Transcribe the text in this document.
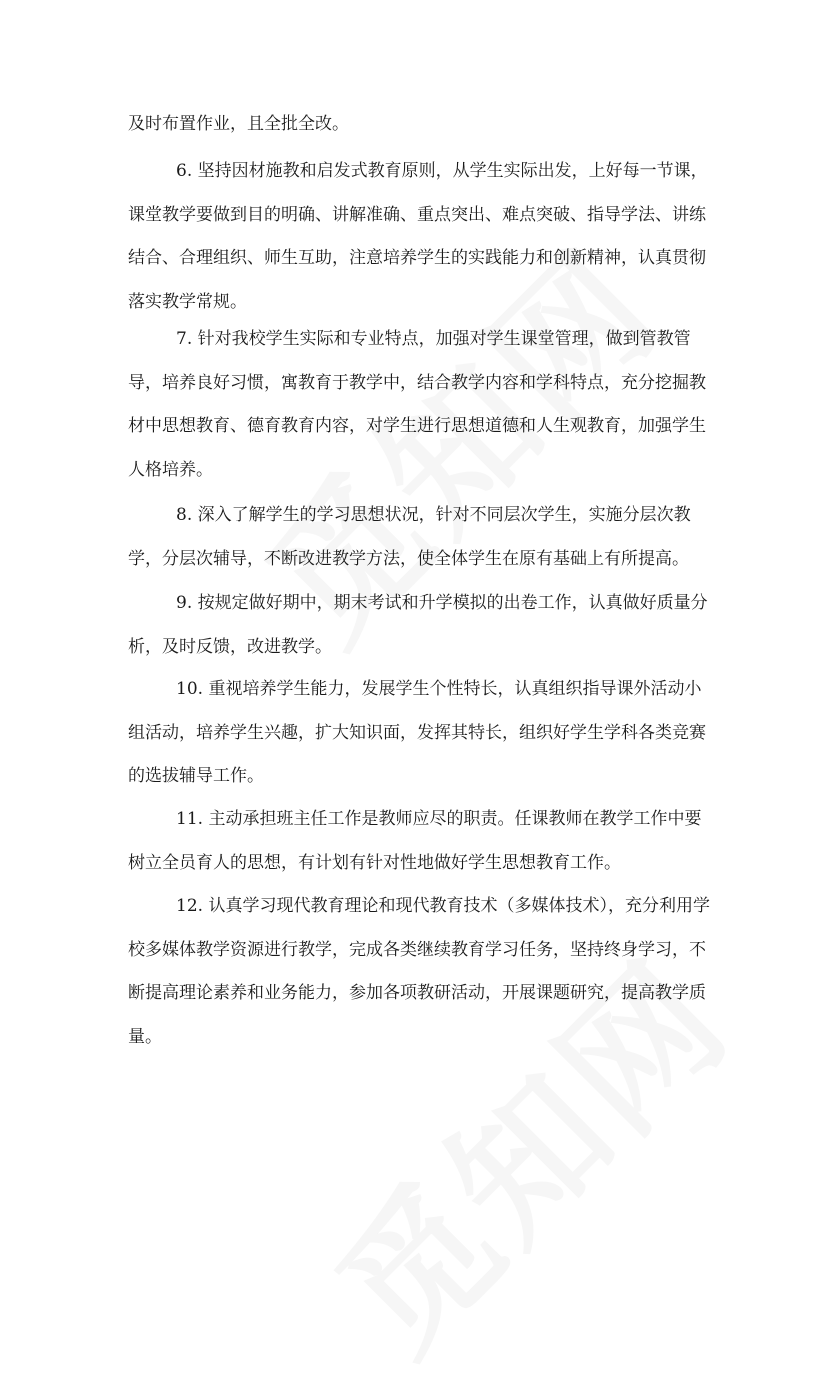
及时布置作业，且全批全改。

6. 坚持因材施教和启发式教育原则，从学生实际出发，上好每一节课，
课堂教学要做到目的明确、讲解准确、重点突出、难点突破、指导学法、讲练
结合、合理组织、师生互助，注意培养学生的实践能力和创新精神，认真贯彻
落实教学常规。

7. 针对我校学生实际和专业特点，加强对学生课堂管理，做到管教管
导，培养良好习惯，寓教育于教学中，结合教学内容和学科特点，充分挖掘教
材中思想教育、德育教育内容，对学生进行思想道德和人生观教育，加强学生
人格培养。

8. 深入了解学生的学习思想状况，针对不同层次学生，实施分层次教
学，分层次辅导，不断改进教学方法，使全体学生在原有基础上有所提高。

9. 按规定做好期中，期末考试和升学模拟的出卷工作，认真做好质量分
析，及时反馈，改进教学。

10. 重视培养学生能力，发展学生个性特长，认真组织指导课外活动小
组活动，培养学生兴趣，扩大知识面，发挥其特长，组织好学生学科各类竞赛
的选拔辅导工作。

11. 主动承担班主任工作是教师应尽的职责。任课教师在教学工作中要
树立全员育人的思想，有计划有针对性地做好学生思想教育工作。

12. 认真学习现代教育理论和现代教育技术（多媒体技术），充分利用学
校多媒体教学资源进行教学，完成各类继续教育学习任务，坚持终身学习，不
断提高理论素养和业务能力，参加各项教研活动，开展课题研究，提高教学质
量。
